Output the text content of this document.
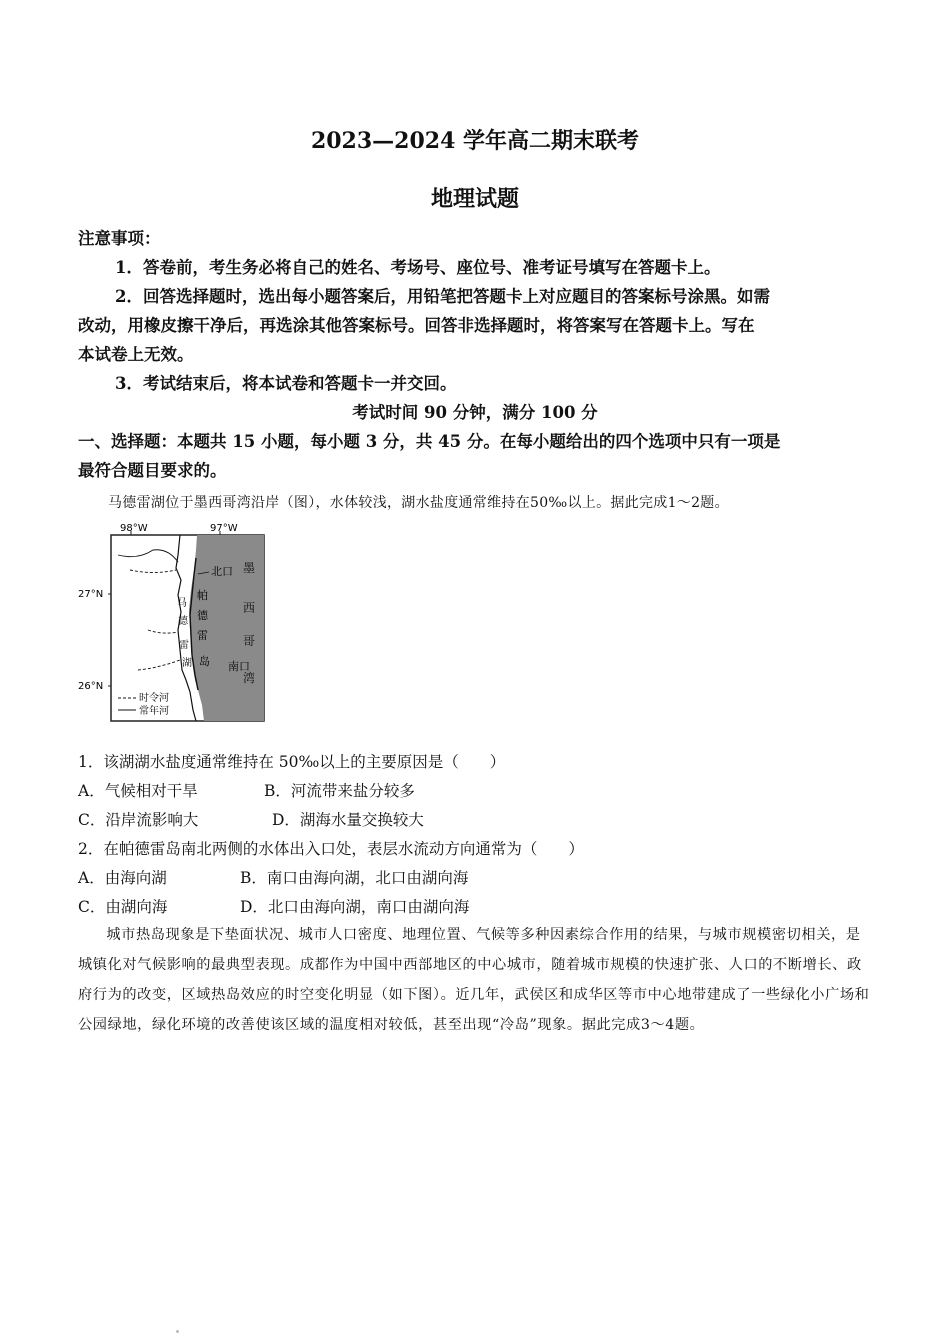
2023—2024 学年高二期末联考
地理试题
注意事项：
1．答卷前，考生务必将自己的姓名、考场号、座位号、准考证号填写在答题卡上。
2．回答选择题时，选出每小题答案后，用铅笔把答题卡上对应题目的答案标号涂黑。如需
改动，用橡皮擦干净后，再选涂其他答案标号。回答非选择题时，将答案写在答题卡上。写在
本试卷上无效。
3．考试结束后，将本试卷和答题卡一并交回。
考试时间 90 分钟，满分 100 分
一、选择题：本题共 15 小题，每小题 3 分，共 45 分。在每小题给出的四个选项中只有一项是
最符合题目要求的。
马德雷湖位于墨西哥湾沿岸（图），水体较浅，湖水盐度通常维持在50‰以上。据此完成1～2题。
98°W	97°W
27°N
26°N
北口
南口
帕
德
雷
岛
马
德
雷
湖
墨
西
哥
湾
时令河
常年河
1．该湖湖水盐度通常维持在 50‰以上的主要原因是（　　）
A．气候相对干旱	B．河流带来盐分较多
C．沿岸流影响大	D．湖海水量交换较大
2．在帕德雷岛南北两侧的水体出入口处，表层水流动方向通常为（　　）
A．由海向湖	B．南口由海向湖，北口由湖向海
C．由湖向海	D．北口由海向湖，南口由湖向海
城市热岛现象是下垫面状况、城市人口密度、地理位置、气候等多种因素综合作用的结果，与城市规模密切相关，是城镇化对气候影响的最典型表现。成都作为中国中西部地区的中心城市，随着城市规模的快速扩张、人口的不断增长、政府行为的改变，区域热岛效应的时空变化明显（如下图）。近几年，武侯区和成华区等市中心地带建成了一些绿化小广场和公园绿地，绿化环境的改善使该区域的温度相对较低，甚至出现“冷岛”现象。据此完成3～4题。
